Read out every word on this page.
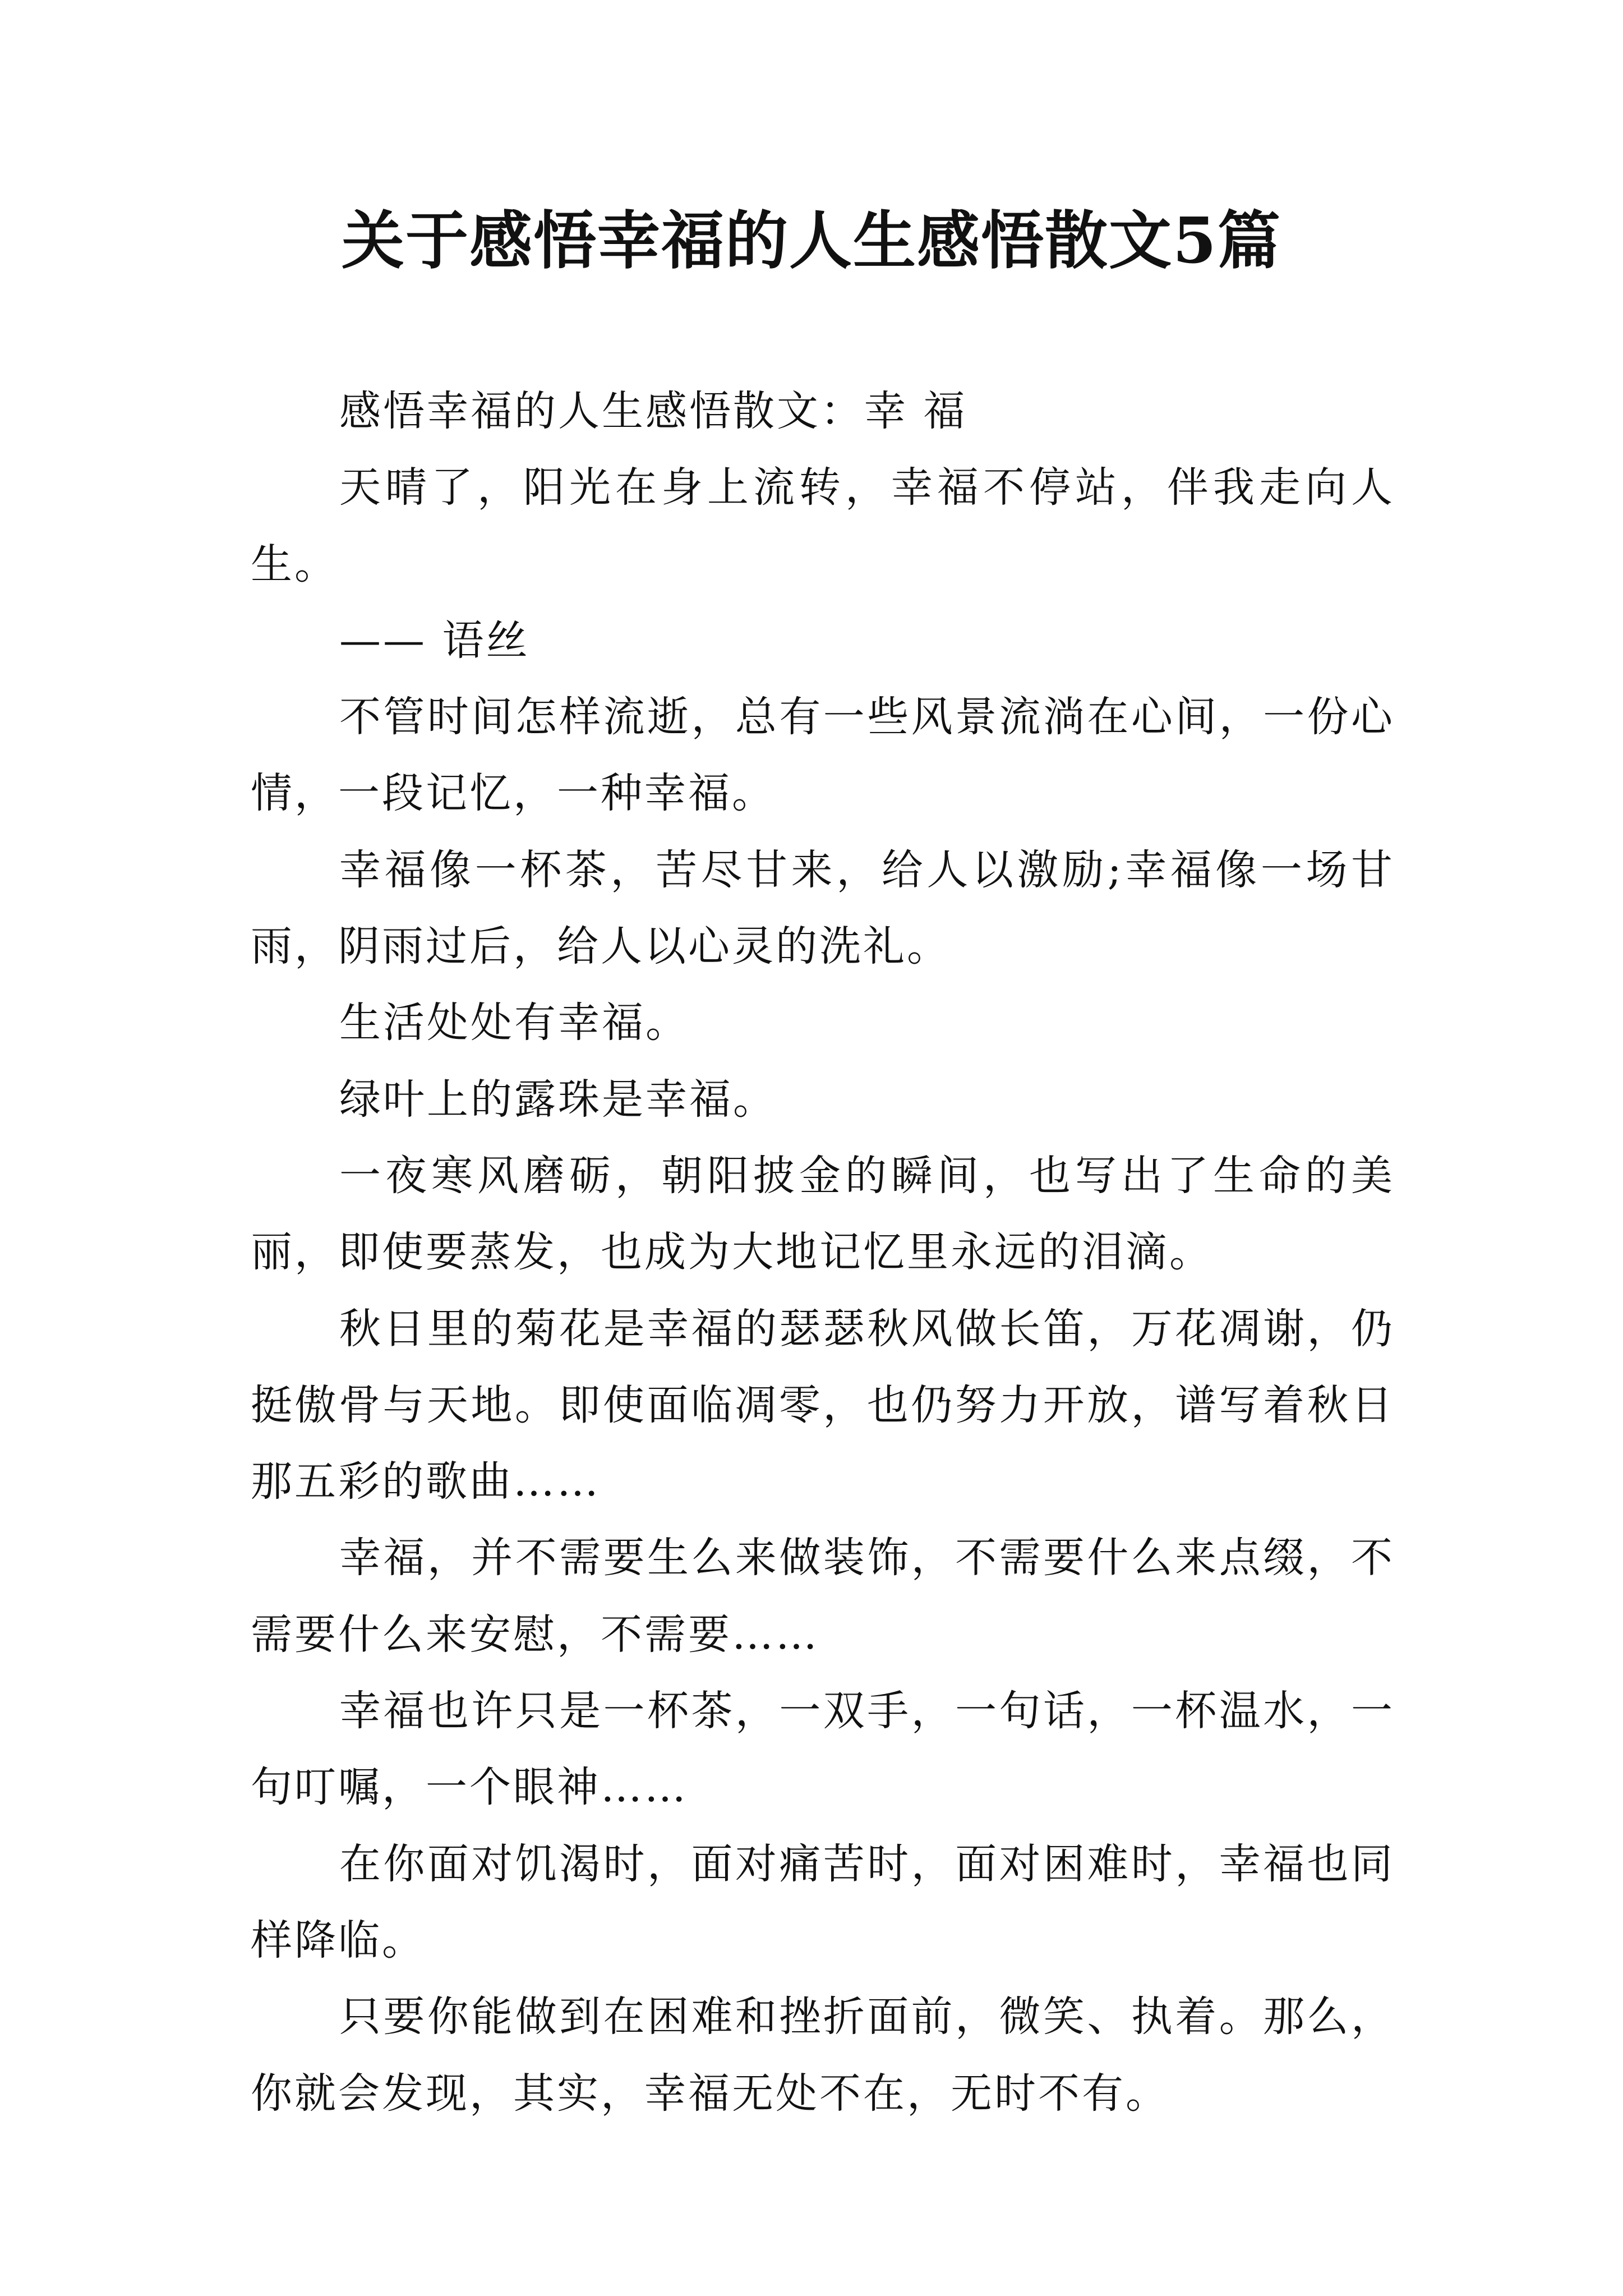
关于感悟幸福的人生感悟散文5篇

感悟幸福的人生感悟散文：幸 福

天晴了，阳光在身上流转，幸福不停站，伴我走向人生。

—— 语丝

不管时间怎样流逝，总有一些风景流淌在心间，一份心情，一段记忆，一种幸福。

幸福像一杯茶，苦尽甘来，给人以激励;幸福像一场甘雨，阴雨过后，给人以心灵的洗礼。

生活处处有幸福。

绿叶上的露珠是幸福。

一夜寒风磨砺，朝阳披金的瞬间，也写出了生命的美丽，即使要蒸发，也成为大地记忆里永远的泪滴。

秋日里的菊花是幸福的瑟瑟秋风做长笛，万花凋谢，仍挺傲骨与天地。即使面临凋零，也仍努力开放，谱写着秋日那五彩的歌曲……

幸福，并不需要生么来做装饰，不需要什么来点缀，不需要什么来安慰，不需要……

幸福也许只是一杯茶，一双手，一句话，一杯温水，一句叮嘱，一个眼神……

在你面对饥渴时，面对痛苦时，面对困难时，幸福也同样降临。

只要你能做到在困难和挫折面前，微笑、执着。那么，你就会发现，其实，幸福无处不在，无时不有。
